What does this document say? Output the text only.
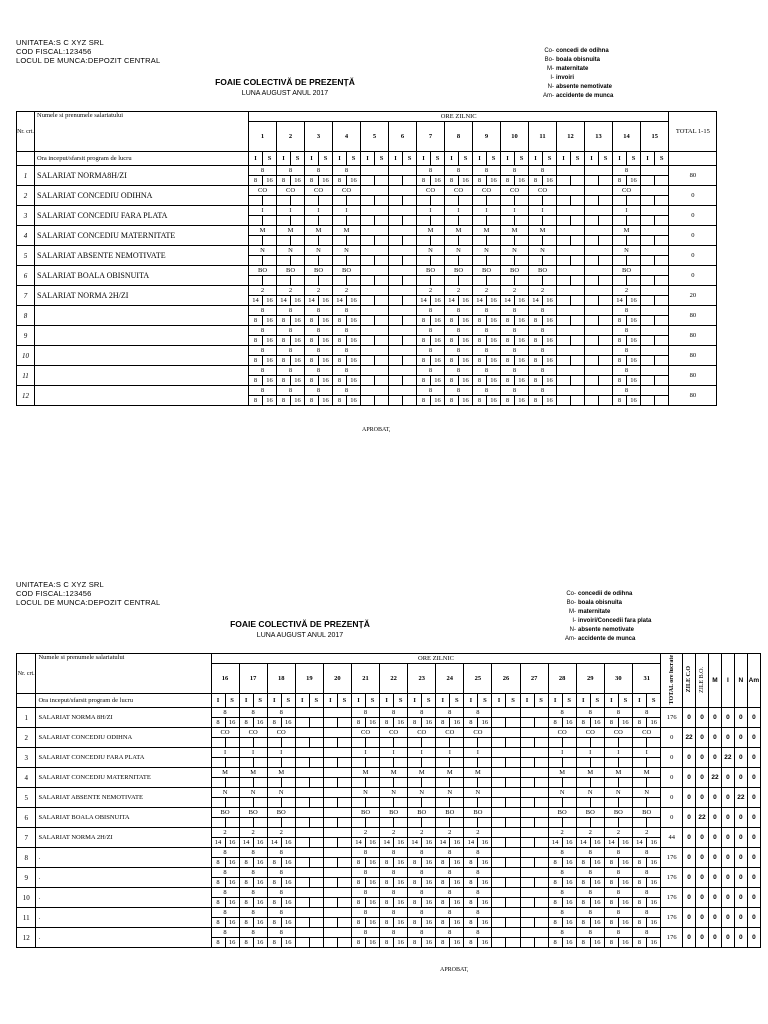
UNITATEA:S C XYZ SRL
COD FISCAL:123456
LOCUL DE MUNCA:DEPOZIT CENTRAL
FOAIE COLECTIVĂ DE PREZENȚĂ
LUNA AUGUST ANUL 2017
Co- concedi de odihna
Bo- boala obisnuita
M- maternitate
I- invoiri
N- absente nemotivate
Am- accidente de munca
Nr. crt.	Numele si prenumele salariatului	ORE ZILNIC																														TOTAL 1-15
		1		2		3		4		5		6		7		8		9		10		11		12		13		14		15		
	Ora inceput/sfarsit program de lucru	I	S	I	S	I	S	I	S	I	S	I	S	I	S	I	S	I	S	I	S	I	S	I	S	I	S	I	S	I	S	
1	SALARIAT NORMA8H/ZI	8		8		8		8						8		8		8		8		8						8				80
		8	16	8	16	8	16	8	16					8	16	8	16	8	16	8	16	8	16					8	16			
2	SALARIAT CONCEDIU ODIHNA	CO		CO		CO		CO						CO		CO		CO		CO		CO						CO				0

3	SALARIAT CONCEDIU FARA PLATA	I		I		I		I						I		I		I		I		I						I				0

4	SALARIAT CONCEDIU MATERNITATE	M		M		M		M						M		M		M		M		M						M				0

5	SALARIAT ABSENTE NEMOTIVATE	N		N		N		N						N		N		N		N		N						N				0

6	SALARIAT BOALA OBISNUITA	BO		BO		BO		BO						BO		BO		BO		BO		BO						BO				0

7	SALARIAT NORMA 2H/ZI	2		2		2		2						2		2		2		2		2						2				20
		14	16	14	16	14	16	14	16					14	16	14	16	14	16	14	16	14	16					14	16			
8		8		8		8		8						8		8		8		8		8						8				80
		8	16	8	16	8	16	8	16					8	16	8	16	8	16	8	16	8	16					8	16			
9		8		8		8		8						8		8		8		8		8						8				80
		8	16	8	16	8	16	8	16					8	16	8	16	8	16	8	16	8	16					8	16			
10		8		8		8		8						8		8		8		8		8						8				80
		8	16	8	16	8	16	8	16					8	16	8	16	8	16	8	16	8	16					8	16			
11		8		8		8		8						8		8		8		8		8						8				80
		8	16	8	16	8	16	8	16					8	16	8	16	8	16	8	16	8	16					8	16			
12		8		8		8		8						8		8		8		8		8						8				80
		8	16	8	16	8	16	8	16					8	16	8	16	8	16	8	16	8	16					8	16			
APROBAT,
UNITATEA:S C XYZ SRL
COD FISCAL:123456
LOCUL DE MUNCA:DEPOZIT CENTRAL
FOAIE COLECTIVĂ DE PREZENȚĂ
LUNA AUGUST ANUL 2017
Co- concedii de odihna
Bo- boala obisnuita
M- maternitate
I- invoiri/Concedii fara plata
N- absente nemotivate
Am- accidente de munca
Nr. crt.	Numele si prenumele salariatului	ORE ZILNIC																																TOTAL ore lucrate	ZILE C.O	ZILE B.O.	M	I	N	Am
		16		17		18		19		20		21		22		23		24		25		26		27		28		29		30		31								
	Ora inceput/sfarsit program de lucru	I	S	I	S	I	S	I	S	I	S	I	S	I	S	I	S	I	S	I	S	I	S	I	S	I	S	I	S	I	S	I	S							
1	SALARIAT NORMA 8H/ZI	8		8		8						8		8		8		8		8						8		8		8		8		176	0	0	0	0	0	0
		8	16	8	16	8	16					8	16	8	16	8	16	8	16	8	16					8	16	8	16	8	16	8	16							
2	SALARIAT CONCEDIU ODIHNA	CO		CO		CO						CO		CO		CO		CO		CO						CO		CO		CO		CO		0	22	0	0	0	0	0

3	SALARIAT CONCEDIU FARA PLATA	I		I		I						I		I		I		I		I						I		I		I		I		0	0	0	0	22	0	0

4	SALARIAT CONCEDIU MATERNITATE	M		M		M						M		M		M		M		M						M		M		M		M		0	0	0	22	0	0	0

5	SALARIAT ABSENTE NEMOTIVATE	N		N		N						N		N		N		N		N						N		N		N		N		0	0	0	0	0	22	0

6	SALARIAT BOALA OBISNUITA	BO		BO		BO						BO		BO		BO		BO		BO						BO		BO		BO		BO		0	0	22	0	0	0	0

7	SALARIAT NORMA 2H/ZI	2		2		2						2		2		2		2		2						2		2		2		2		44	0	0	0	0	0	0
		14	16	14	16	14	16					14	16	14	16	14	16	14	16	14	16					14	16	14	16	14	16	14	16							
8	.	8		8		8						8		8		8		8		8						8		8		8		8		176	0	0	0	0	0	0
		8	16	8	16	8	16					8	16	8	16	8	16	8	16	8	16					8	16	8	16	8	16	8	16							
9	.	8		8		8						8		8		8		8		8						8		8		8		8		176	0	0	0	0	0	0
		8	16	8	16	8	16					8	16	8	16	8	16	8	16	8	16					8	16	8	16	8	16	8	16							
10	.	8		8		8						8		8		8		8		8						8		8		8		8		176	0	0	0	0	0	0
		8	16	8	16	8	16					8	16	8	16	8	16	8	16	8	16					8	16	8	16	8	16	8	16							
11	.	8		8		8						8		8		8		8		8						8		8		8		8		176	0	0	0	0	0	0
		8	16	8	16	8	16					8	16	8	16	8	16	8	16	8	16					8	16	8	16	8	16	8	16							
12	.	8		8		8						8		8		8		8		8						8		8		8		8		176	0	0	0	0	0	0
		8	16	8	16	8	16					8	16	8	16	8	16	8	16	8	16					8	16	8	16	8	16	8	16							
APROBAT,
